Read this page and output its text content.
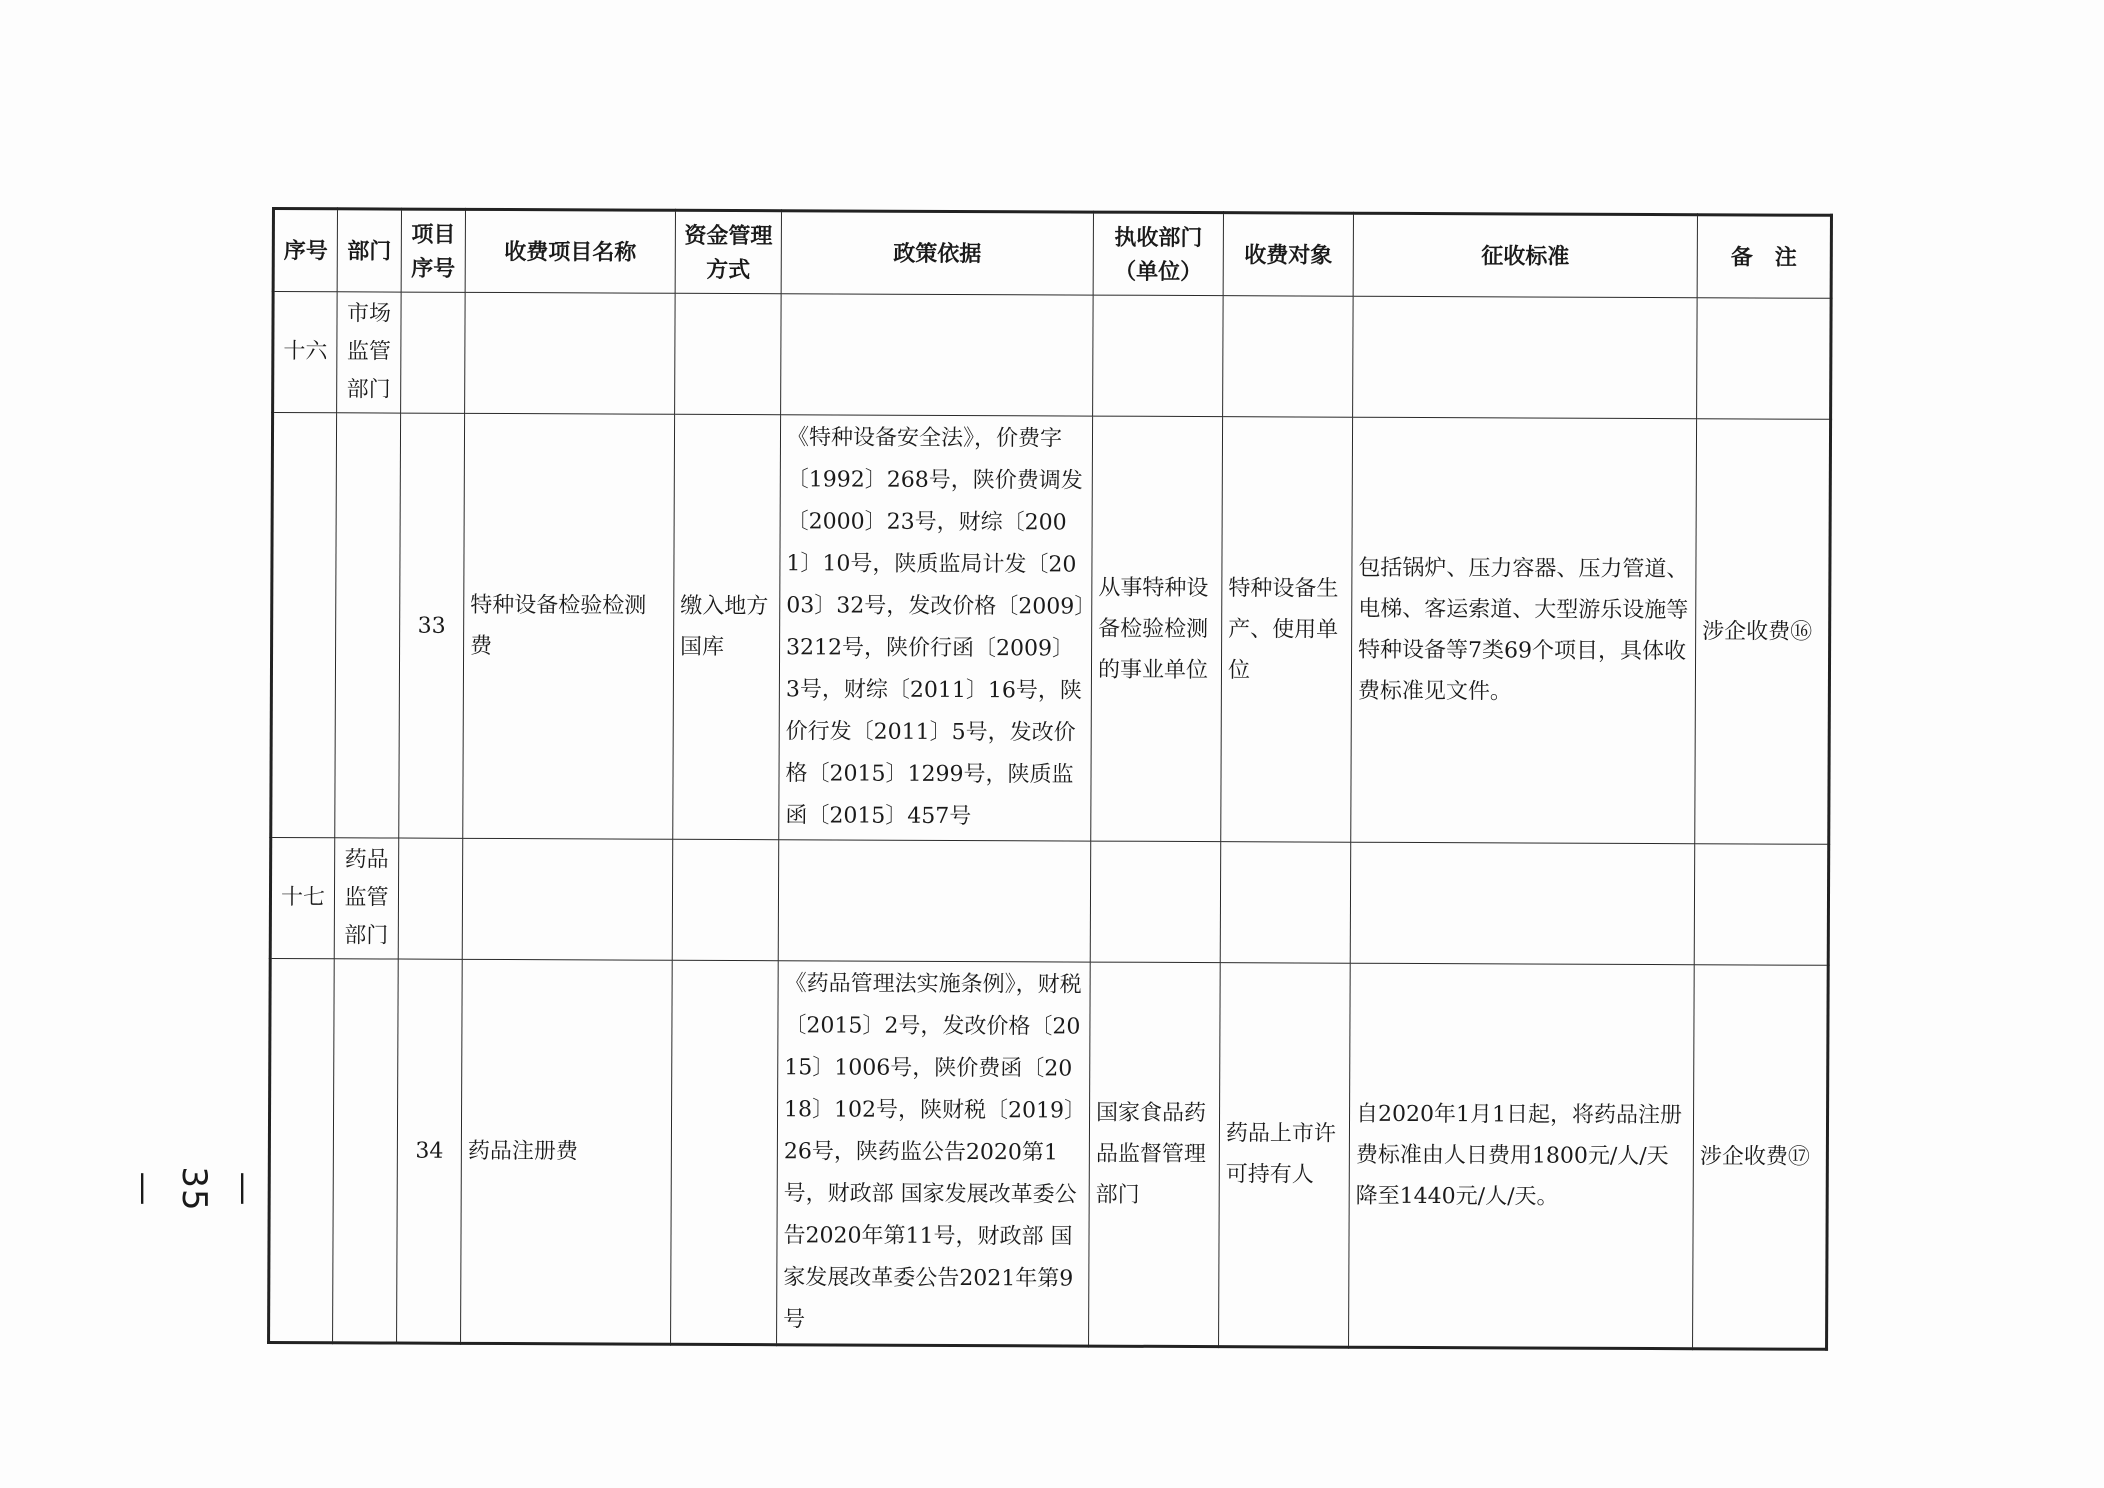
序号	部门	项目序号	收费项目名称	资金管理方式	政策依据	执收部门（单位）	收费对象	征收标准	备　注
十六	市场监管部门								
		33	特种设备检验检测费	缴入地方国库	《特种设备安全法》，价费字〔1992〕268号，陕价费调发〔2000〕23号，财综〔2001〕10号，陕质监局计发〔2003〕32号，发改价格〔2009〕3212号，陕价行函〔2009〕3号，财综〔2011〕16号，陕价行发〔2011〕5号，发改价格〔2015〕1299号，陕质监函〔2015〕457号	从事特种设备检验检测的事业单位	特种设备生产、使用单位	包括锅炉、压力容器、压力管道、电梯、客运索道、大型游乐设施等特种设备等7类69个项目，具体收费标准见文件。	涉企收费⑯
十七	药品监管部门								
		34	药品注册费		《药品管理法实施条例》，财税〔2015〕2号，发改价格〔2015〕1006号，陕价费函〔2018〕102号，陕财税〔2019〕26号，陕药监公告2020第1号，财政部 国家发展改革委公告2020年第11号，财政部 国家发展改革委公告2021年第9号	国家食品药品监督管理部门	药品上市许可持有人	自2020年1月1日起，将药品注册费标准由人日费用1800元/人/天降至1440元/人/天。	涉企收费⑰
—35—
